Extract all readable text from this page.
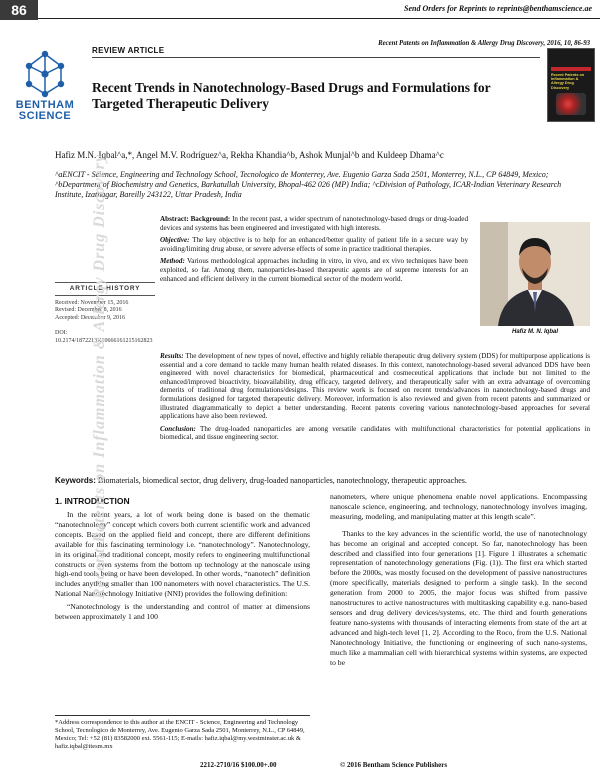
86	Send Orders for Reprints to reprints@benthamscience.ae
Recent Patents on Inflammation & Allergy Drug Discovery, 2016, 10, 86-93
BENTHAM
SCIENCE
REVIEW ARTICLE
Recent Patents on Inflammation & Allergy Drug Discovery
Recent Trends in Nanotechnology-Based Drugs and Formulations for Targeted Therapeutic Delivery
Hafiz M.N. Iqbal^a,*, Angel M.V. Rodríguez^a, Rekha Khandia^b, Ashok Munjal^b and Kuldeep Dhama^c
^aENCIT - Science, Engineering and Technology School, Tecnologico de Monterrey, Ave. Eugenio Garza Sada 2501, Monterrey, N.L., CP 64849, Mexico; ^bDepartment of Biochemistry and Genetics, Barkatullah University, Bhopal-462 026 (MP) India; ^cDivision of Pathology, ICAR-Indian Veterinary Research Institute, Izatnagar, Bareilly 243122, Uttar Pradesh, India
ARTICLE HISTORY
Received: November 15, 2016
Revised: December 8, 2016
Accepted: December 9, 2016
DOI:
10.2174/1872213X10666161215162823

Abstract: Background: In the recent past, a wider spectrum of nanotechnology-based drugs or drug-loaded devices and systems has been engineered and investigated with high interests.

Objective: The key objective is to help for an enhanced/better quality of patient life in a secure way by avoiding/limiting drug abuse, or severe adverse effects of some in practice traditional therapies.

Method: Various methodological approaches including in vitro, in vivo, and ex vivo techniques have been exploited, so far. Among them, nanoparticles-based therapeutic agents are of supreme interests for an enhanced and efficient delivery in the current biomedical sector of the modern world.

Hafiz M. N. Iqbal

Results: The development of new types of novel, effective and highly reliable therapeutic drug delivery system (DDS) for multipurpose applications is essential and a core demand to tackle many human health related diseases. In this context, nanotechnology-based several advanced DDS have been engineered with novel characteristics for biomedical, pharmaceutical and cosmeceutical applications that include but not limited to the enhanced/improved bioactivity, bioavailability, drug efficacy, targeted delivery, and therapeutically safer with an extra advantage of overcoming demerits of traditional drug formulations/designs. This review work is focused on recent trends/advances in nanotechnology-based drugs and formulations designed for targeted therapeutic delivery. Moreover, information is also reviewed and given from recent patents and summarized or illustrated diagrammatically to depict a better understanding. Recent patents covering various nanotechnology-based approaches for several applications have also been reviewed.

Conclusion: The drug-loaded nanoparticles are among versatile candidates with multifunctional characteristics for potential applications in biomedical, and tissue engineering sector.

Keywords: Biomaterials, biomedical sector, drug delivery, drug-loaded nanoparticles, nanotechnology, therapeutic approaches.
1. INTRODUCTION

In the recent years, a lot of work being done is based on the thematic “nanotechnology” concept which covers both current scientific work and advanced concepts. Based on the applied field and concept, there are different definitions available for this fascinating terminology i.e. “nanotechnology”. Nanotechnology, in its original and traditional concept, mostly refers to engineering multifunctional constructs or even systems from the bottom up technology at the nanoscale using high-end tools being or have been developed. In other words, “nanotech” definition includes anything smaller than 100 nanometers with novel characteristics. The U.S. National Nanotechnology Initiative (NNI) provides the following definition:

“Nanotechnology is the understanding and control of matter at dimensions between approximately 1 and 100

nanometers, where unique phenomena enable novel applications. Encompassing nanoscale science, engineering, and technology, nanotechnology involves imaging, measuring, modeling, and manipulating matter at this length scale”.

Thanks to the key advances in the scientific world, the use of nanotechnology has become an original and accepted concept. So far, nanotechnology has been described and classified into four generations [1]. Figure 1 illustrates a schematic representation of nanotechnology generations (Fig. (1)). The first era which started before the 2000s, was mostly focused on the development of passive nanostructures (more specifically, materials designed to perform a single task). In the second generation from 2000 to 2005, the major focus was shifted from passive nanostructures to active nanostructures with multitasking capability e.g. nano-based sensors and drug delivery devices/systems, etc. The third and fourth generations feature nano-systems with thousands of interacting elements from state of the art at advanced and high-tech level [1, 2]. According to the Roco, from the U.S. National Nanotechnology Initiative, the functioning or engineering of such nano-systems, much like a mammalian cell with hierarchical systems within systems, are expected to be

*Address correspondence to this author at the ENCIT - Science, Engineering and Technology School, Tecnologico de Monterrey, Ave. Eugenio Garza Sada 2501, Monterrey, N.L., CP 64849, Mexico; Tel: +52 (81) 83582000 ext. 5561-115; E-mails: hafiz.iqbal@my.westminster.ac.uk & hafiz.iqbal@itesm.mx
2212-2710/16 $100.00+.00	© 2016 Bentham Science Publishers
Recent Patents on Inflammation & Allergy Drug Discovery
